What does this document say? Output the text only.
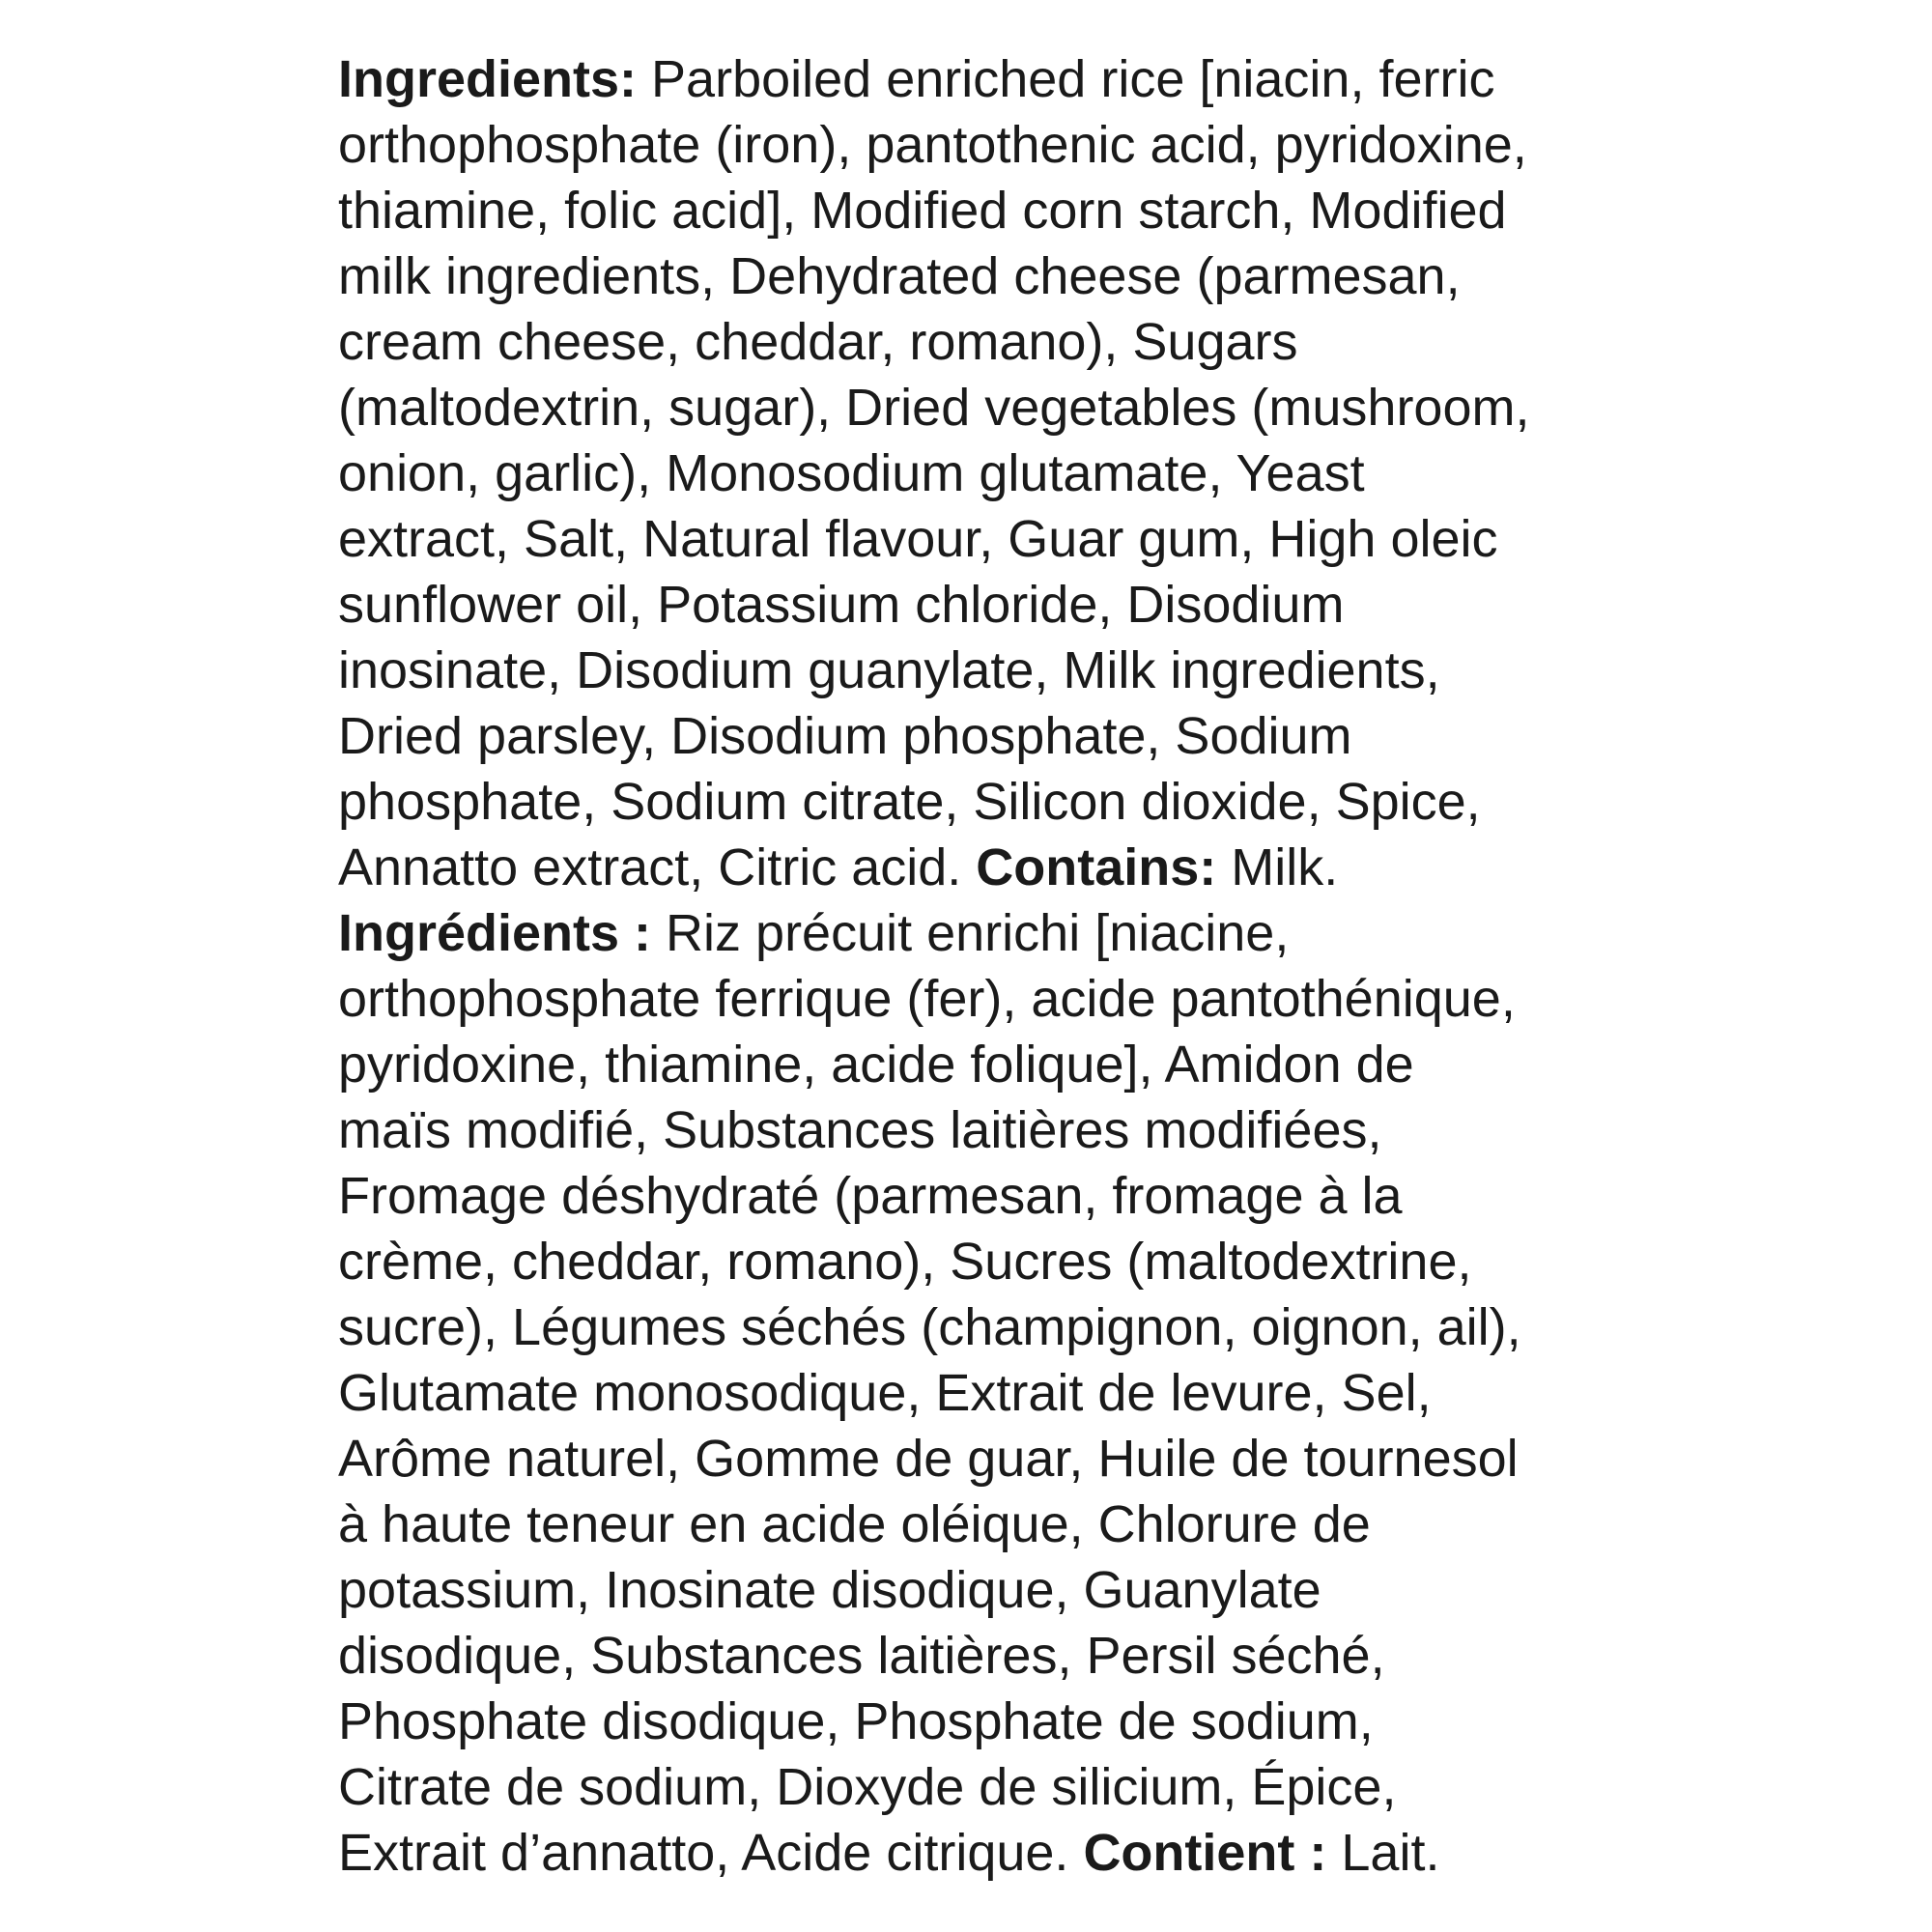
Ingredients: Parboiled enriched rice [niacin, ferric
orthophosphate (iron), pantothenic acid, pyridoxine,
thiamine, folic acid], Modified corn starch, Modified
milk ingredients, Dehydrated cheese (parmesan,
cream cheese, cheddar, romano), Sugars
(maltodextrin, sugar), Dried vegetables (mushroom,
onion, garlic), Monosodium glutamate, Yeast
extract, Salt, Natural flavour, Guar gum, High oleic
sunflower oil, Potassium chloride, Disodium
inosinate, Disodium guanylate, Milk ingredients,
Dried parsley, Disodium phosphate, Sodium
phosphate, Sodium citrate, Silicon dioxide, Spice,
Annatto extract, Citric acid. Contains: Milk.
Ingrédients : Riz précuit enrichi [niacine,
orthophosphate ferrique (fer), acide pantothénique,
pyridoxine, thiamine, acide folique], Amidon de
maïs modifié, Substances laitières modifiées,
Fromage déshydraté (parmesan, fromage à la
crème, cheddar, romano), Sucres (maltodextrine,
sucre), Légumes séchés (champignon, oignon, ail),
Glutamate monosodique, Extrait de levure, Sel,
Arôme naturel, Gomme de guar, Huile de tournesol
à haute teneur en acide oléique, Chlorure de
potassium, Inosinate disodique, Guanylate
disodique, Substances laitières, Persil séché,
Phosphate disodique, Phosphate de sodium,
Citrate de sodium, Dioxyde de silicium, Épice,
Extrait d’annatto, Acide citrique. Contient : Lait.
